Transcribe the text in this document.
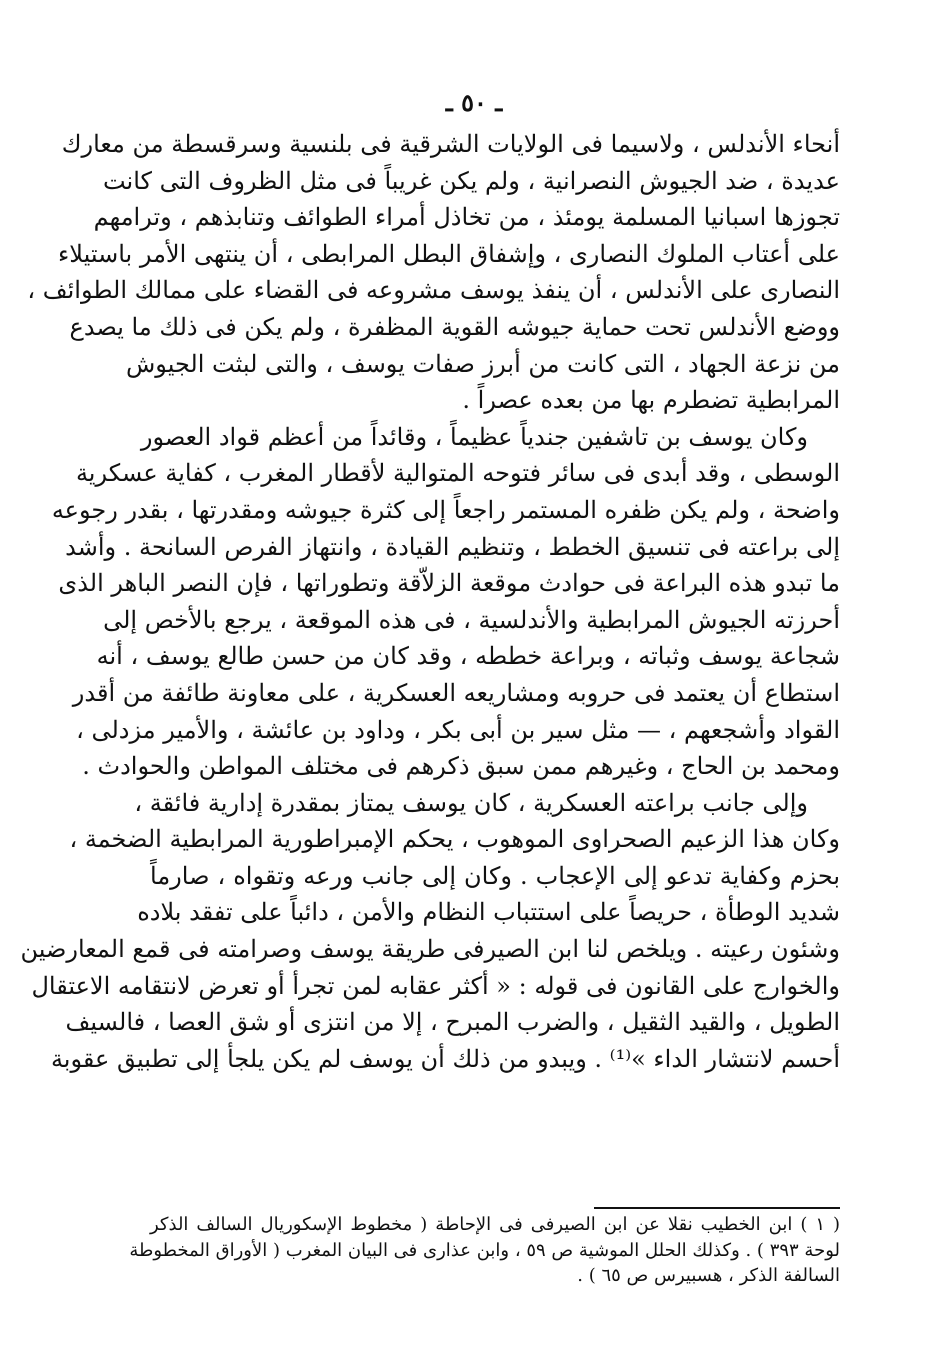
ـ ٥٠ ـ
أنحاء الأندلس ، ولاسيما فى الولايات الشرقية فى بلنسية وسرقسطة من معارك
عديدة ، ضد الجيوش النصرانية ، ولم يكن غريباً فى مثل الظروف التى كانت
تجوزها اسبانيا المسلمة يومئذ ، من تخاذل أمراء الطوائف وتنابذهم ، وترامهم
على أعتاب الملوك النصارى ، وإشفاق البطل المرابطى ، أن ينتهى الأمر باستيلاء
النصارى على الأندلس ، أن ينفذ يوسف مشروعه فى القضاء على ممالك الطوائف ،
ووضع الأندلس تحت حماية جيوشه القوية المظفرة ، ولم يكن فى ذلك ما يصدع
من نزعة الجهاد ، التى كانت من أبرز صفات يوسف ، والتى لبثت الجيوش
المرابطية تضطرم بها من بعده عصراً .
وكان يوسف بن تاشفين جندياً عظيماً ، وقائداً من أعظم قواد العصور
الوسطى ، وقد أبدى فى سائر فتوحه المتوالية لأقطار المغرب ، كفاية عسكرية
واضحة ، ولم يكن ظفره المستمر راجعاً إلى كثرة جيوشه ومقدرتها ، بقدر رجوعه
إلى براعته فى تنسيق الخطط ، وتنظيم القيادة ، وانتهاز الفرص السانحة . وأشد
ما تبدو هذه البراعة فى حوادث موقعة الزلاّقة وتطوراتها ، فإن النصر الباهر الذى
أحرزته الجيوش المرابطية والأندلسية ، فى هذه الموقعة ، يرجع بالأخص إلى
شجاعة يوسف وثباته ، وبراعة خططه ، وقد كان من حسن طالع يوسف ، أنه
استطاع أن يعتمد فى حروبه ومشاريعه العسكرية ، على معاونة طائفة من أقدر
القواد وأشجعهم ، — مثل سير بن أبى بكر ، وداود بن عائشة ، والأمير مزدلى ،
ومحمد بن الحاج ، وغيرهم ممن سبق ذكرهم فى مختلف المواطن والحوادث .
وإلى جانب براعته العسكرية ، كان يوسف يمتاز بمقدرة إدارية فائقة ،
وكان هذا الزعيم الصحراوى الموهوب ، يحكم الإمبراطورية المرابطية الضخمة ،
بحزم وكفاية تدعو إلى الإعجاب . وكان إلى جانب ورعه وتقواه ، صارماً
شديد الوطأة ، حريصاً على استتباب النظام والأمن ، دائباً على تفقد بلاده
وشئون رعيته . ويلخص لنا ابن الصيرفى طريقة يوسف وصرامته فى قمع المعارضين
والخوارج على القانون فى قوله : « أكثر عقابه لمن تجرأ أو تعرض لانتقامه الاعتقال
الطويل ، والقيد الثقيل ، والضرب المبرح ، إلا من انتزى أو شق العصا ، فالسيف
أحسم لانتشار الداء »⁽¹⁾ . ويبدو من ذلك أن يوسف لم يكن يلجأ إلى تطبيق عقوبة
( ١ ) ابن الخطيب نقلا عن ابن الصيرفى فى الإحاطة ( مخطوط الإسكوريال السالف الذكر
لوحة ٣٩٣ ) . وكذلك الحلل الموشية ص ٥٩ ، وابن عذارى فى البيان المغرب ( الأوراق المخطوطة
السالفة الذكر ، هسبيرس ص ٦٥ ) .
